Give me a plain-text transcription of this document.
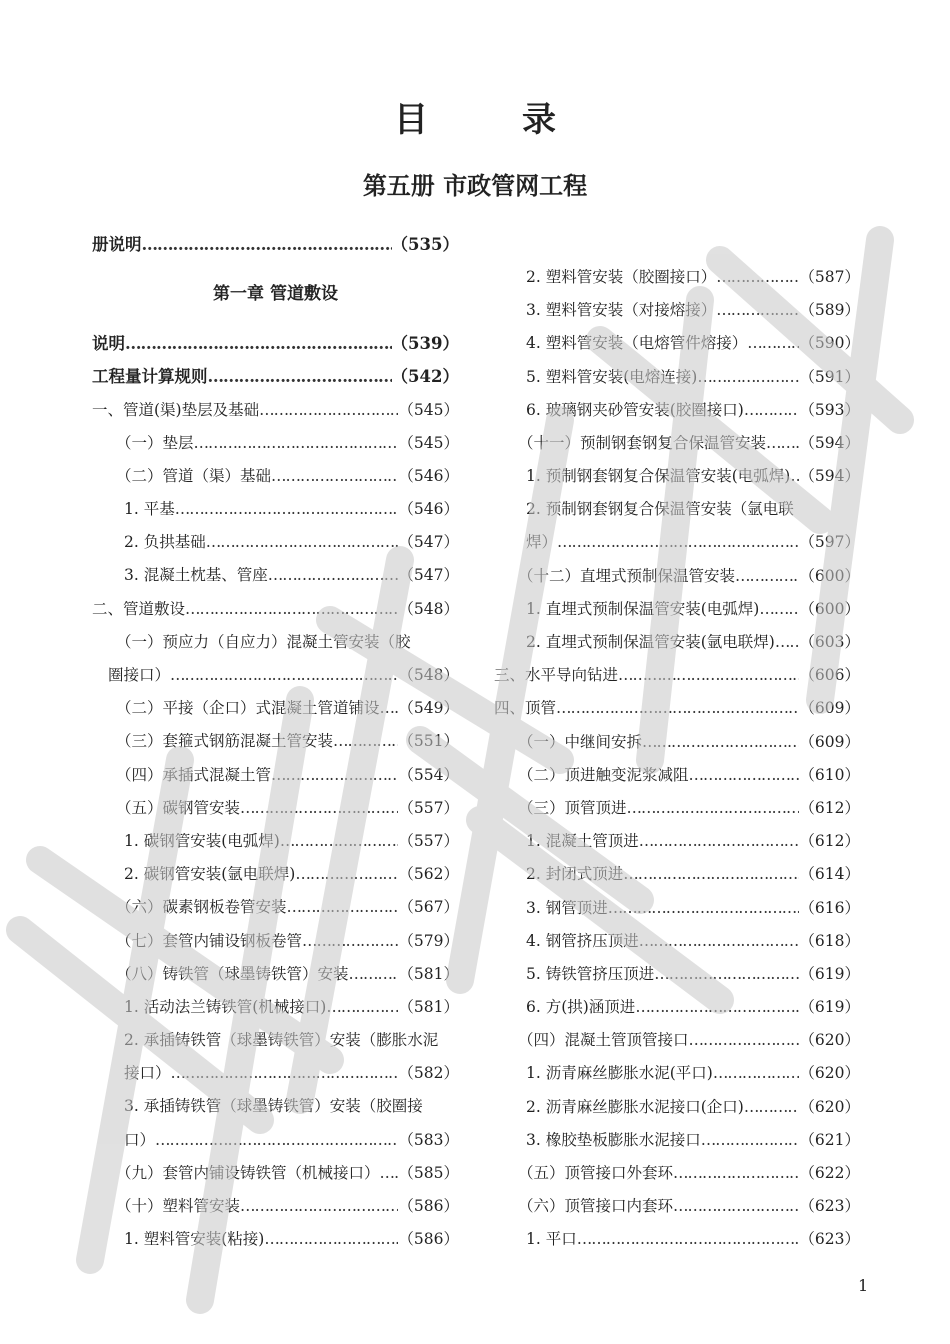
目　录
第五册 市政管网工程
册说明 ………………………………………………………………………………………………………………	（535）
第一章 管道敷设
说明 ………………………………………………………………………………………………………………	（539）
工程量计算规则 ………………………………………………………………………………………………………………	（542）
一、管道(渠)垫层及基础 ………………………………………………………………………………………………………………	（545）
（一）垫层 ………………………………………………………………………………………………………………	（545）
（二）管道（渠）基础 ………………………………………………………………………………………………………………	（546）
1. 平基 ………………………………………………………………………………………………………………	（546）
2. 负拱基础 ………………………………………………………………………………………………………………	（547）
3. 混凝土枕基、管座 ………………………………………………………………………………………………………………	（547）
二、管道敷设 ………………………………………………………………………………………………………………	（548）
（一）预应力（自应力）混凝土管安装（胶
圈接口） ………………………………………………………………………………………………………………	（548）
（二）平接（企口）式混凝土管道铺设 ……………………………………………………………………………………………………………… （549）
（三）套箍式钢筋混凝土管安装 ………………………………………………………………………………………………………………	（551）
（四）承插式混凝土管 ………………………………………………………………………………………………………………	（554）
（五）碳钢管安装 ………………………………………………………………………………………………………………	（557）
1. 碳钢管安装(电弧焊) ………………………………………………………………………………………………………………	（557）
2. 碳钢管安装(氩电联焊) ………………………………………………………………………………………………………………	（562）
（六）碳素钢板卷管安装 ………………………………………………………………………………………………………………	（567）
（七）套管内铺设钢板卷管 ………………………………………………………………………………………………………………	（579）
（八）铸铁管（球墨铸铁管）安装 ………………………………………………………………………………………………………………	（581）
1. 活动法兰铸铁管(机械接口) ………………………………………………………………………………………………………………	（581）
2. 承插铸铁管（球墨铸铁管）安装（膨胀水泥
接口） ………………………………………………………………………………………………………………	（582）
3. 承插铸铁管（球墨铸铁管）安装（胶圈接
口） ………………………………………………………………………………………………………………	（583）
（九）套管内铺设铸铁管（机械接口） ……………………………………………………………………………………………………………… （585）
（十）塑料管安装 ………………………………………………………………………………………………………………	（586）
1. 塑料管安装(粘接) ………………………………………………………………………………………………………………	（586）
2. 塑料管安装（胶圈接口） ………………………………………………………………………………………………………………	（587）
3. 塑料管安装（对接熔接） ………………………………………………………………………………………………………………	（589）
4. 塑料管安装（电熔管件熔接） ………………………………………………………………………………………………………………	（590）
5. 塑料管安装(电熔连接) ………………………………………………………………………………………………………………	（591）
6. 玻璃钢夹砂管安装(胶圈接口) ………………………………………………………………………………………………………………	（593）
（十一）预制钢套钢复合保温管安装 ……………………………………………………………………………………………………………… （594）
1. 预制钢套钢复合保温管安装(电弧焊) ……………………………………………………………………………………………………………… （594）
2. 预制钢套钢复合保温管安装（氩电联
焊） ………………………………………………………………………………………………………………	（597）
（十二）直埋式预制保温管安装 ………………………………………………………………………………………………………………	（600）
1. 直埋式预制保温管安装(电弧焊) ………………………………………………………………………………………………………………	（600）
2. 直埋式预制保温管安装(氩电联焊) ……………………………………………………………………………………………………………… （603）
三、水平导向钻进 ………………………………………………………………………………………………………………	（606）
四、顶管 ………………………………………………………………………………………………………………	（609）
（一）中继间安拆 ………………………………………………………………………………………………………………	（609）
（二）顶进触变泥浆减阻 ………………………………………………………………………………………………………………	（610）
（三）顶管顶进 ………………………………………………………………………………………………………………	（612）
1. 混凝土管顶进 ………………………………………………………………………………………………………………	（612）
2. 封闭式顶进 ………………………………………………………………………………………………………………	（614）
3. 钢管顶进 ………………………………………………………………………………………………………………	（616）
4. 钢管挤压顶进 ………………………………………………………………………………………………………………	（618）
5. 铸铁管挤压顶进 ………………………………………………………………………………………………………………	（619）
6. 方(拱)涵顶进 ………………………………………………………………………………………………………………	（619）
（四）混凝土管顶管接口 ………………………………………………………………………………………………………………	（620）
1. 沥青麻丝膨胀水泥(平口) ………………………………………………………………………………………………………………	（620）
2. 沥青麻丝膨胀水泥接口(企口) ………………………………………………………………………………………………………………	（620）
3. 橡胶垫板膨胀水泥接口 ………………………………………………………………………………………………………………	（621）
（五）顶管接口外套环 ………………………………………………………………………………………………………………	（622）
（六）顶管接口内套环 ………………………………………………………………………………………………………………	（623）
1. 平口 ………………………………………………………………………………………………………………	（623）
1
